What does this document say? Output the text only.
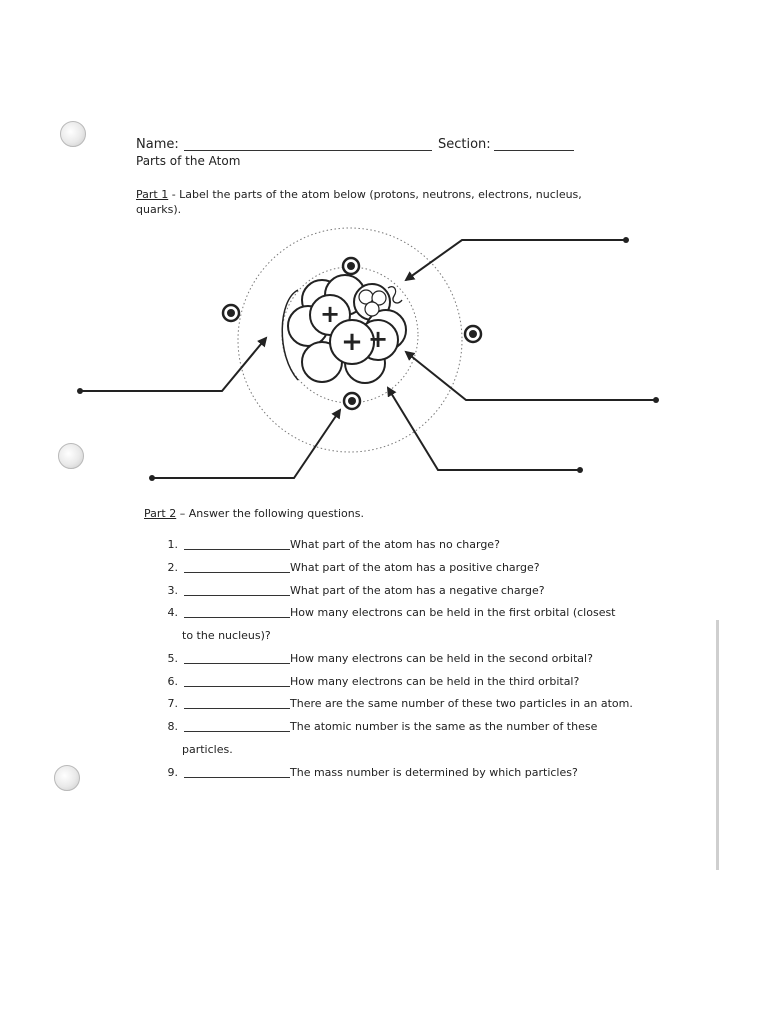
Name:	Section:
Parts of the Atom
Part 1 - Label the parts of the atom below (protons, neutrons, electrons, nucleus,
quarks).
+
+
+
Part 2 – Answer the following questions.
1.	What part of the atom has no charge?
2.	What part of the atom has a positive charge?
3.	What part of the atom has a negative charge?
4.	How many electrons can be held in the first orbital (closest
to the nucleus)?
5.	How many electrons can be held in the second orbital?
6.	How many electrons can be held in the third orbital?
7.	There are the same number of these two particles in an atom.
8.	The atomic number is the same as the number of these
particles.
9.	The mass number is determined by which particles?
